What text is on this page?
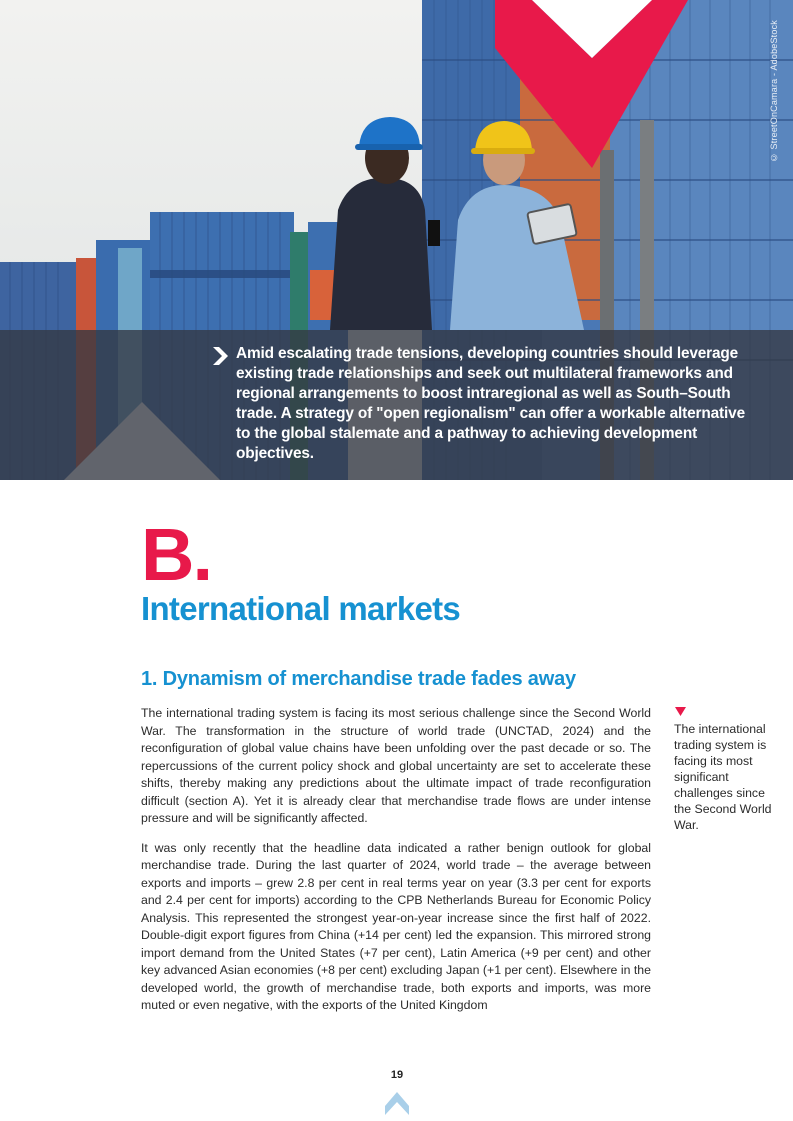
© StreetOnCamara - AdobeStock
Amid escalating trade tensions, developing countries should leverage existing trade relationships and seek out multilateral frameworks and regional arrangements to boost intraregional as well as South–South trade. A strategy of "open regionalism" can offer a workable alternative to the global stalemate and a pathway to achieving development objectives.
B.
International markets
1. Dynamism of merchandise trade fades away

The international trading system is facing its most serious challenge since the Second World War. The transformation in the structure of world trade (UNCTAD, 2024) and the reconfiguration of global value chains have been unfolding over the past decade or so. The repercussions of the current policy shock and global uncertainty are set to accelerate these shifts, thereby making any predictions about the ultimate impact of trade reconfiguration difficult (section A). Yet it is already clear that merchandise trade flows are under intense pressure and will be significantly affected.

It was only recently that the headline data indicated a rather benign outlook for global merchandise trade. During the last quarter of 2024, world trade – the average between exports and imports – grew 2.8 per cent in real terms year on year (3.3 per cent for exports and 2.4 per cent for imports) according to the CPB Netherlands Bureau for Economic Policy Analysis. This represented the strongest year-on-year increase since the first half of 2022. Double-digit export figures from China (+14 per cent) led the expansion. This mirrored strong import demand from the United States (+7 per cent), Latin America (+9 per cent) and other key advanced Asian economies (+8 per cent) excluding Japan (+1 per cent). Elsewhere in the developed world, the growth of merchandise trade, both exports and imports, was more muted or even negative, with the exports of the United Kingdom

The international trading system is facing its most significant challenges since the Second World War.
19
